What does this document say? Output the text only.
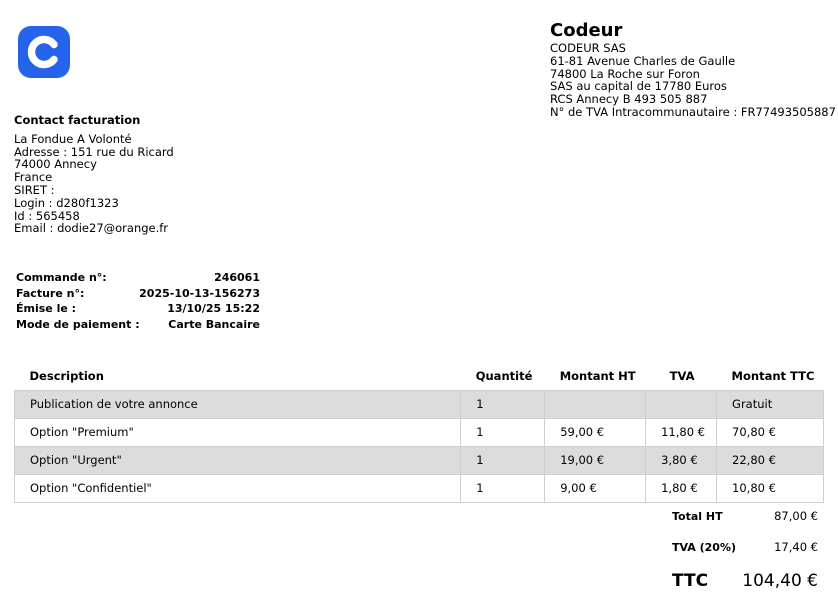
Codeur
CODEUR SAS
61-81 Avenue Charles de Gaulle
74800 La Roche sur Foron
SAS au capital de 17780 Euros
RCS Annecy B 493 505 887
N° de TVA Intracommunautaire : FR77493505887
Contact facturation
La Fondue A Volonté
Adresse : 151 rue du Ricard
74000 Annecy
France
SIRET :
Login : d280f1323
Id : 565458
Email : dodie27@orange.fr
Commande n°:	246061
Facture n°:	2025-10-13-156273
Émise le :	13/10/25 15:22
Mode de paiement :	Carte Bancaire
Description	Quantité	Montant HT	TVA	Montant TTC
Publication de votre annonce	1			Gratuit
Option "Premium"	1	59,00 €	11,80 €	70,80 €
Option "Urgent"	1	19,00 €	3,80 €	22,80 €
Option "Confidentiel"	1	9,00 €	1,80 €	10,80 €
Total HT	87,00 €
TVA (20%)	17,40 €
TTC 104,40 €
